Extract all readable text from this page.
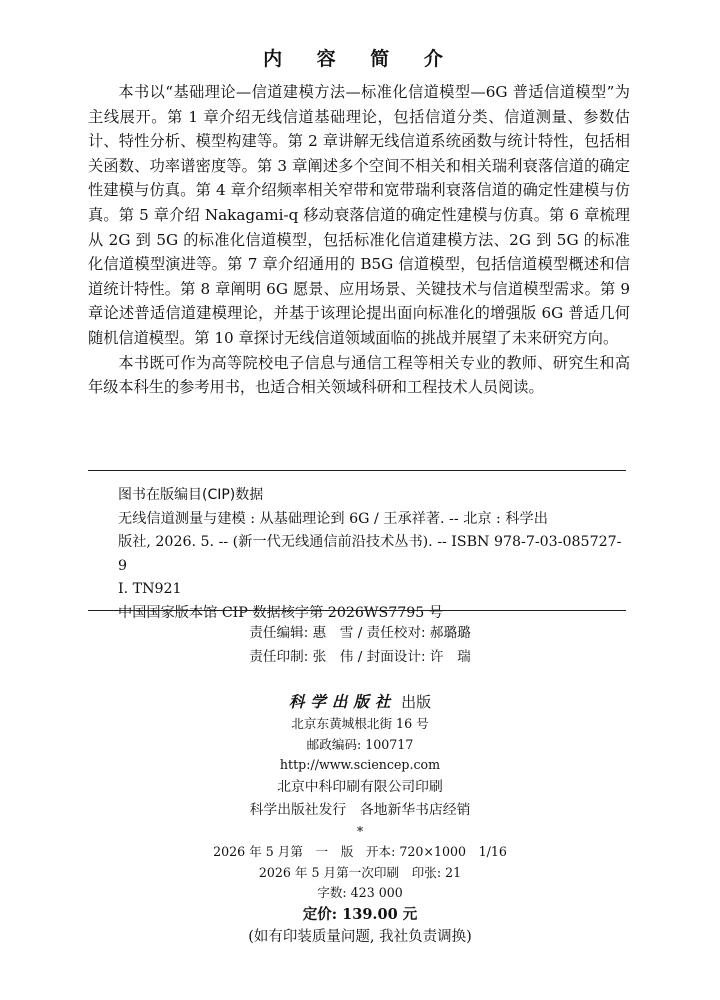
内 容 简 介

本书以“基础理论—信道建模方法—标准化信道模型—6G 普适信道模型”为主线展开。第 1 章介绍无线信道基础理论，包括信道分类、信道测量、参数估计、特性分析、模型构建等。第 2 章讲解无线信道系统函数与统计特性，包括相关函数、功率谱密度等。第 3 章阐述多个空间不相关和相关瑞利衰落信道的确定性建模与仿真。第 4 章介绍频率相关窄带和宽带瑞利衰落信道的确定性建模与仿真。第 5 章介绍 Nakagami-q 移动衰落信道的确定性建模与仿真。第 6 章梳理从 2G 到 5G 的标准化信道模型，包括标准化信道建模方法、2G 到 5G 的标准化信道模型演进等。第 7 章介绍通用的 B5G 信道模型，包括信道模型概述和信道统计特性。第 8 章阐明 6G 愿景、应用场景、关键技术与信道模型需求。第 9 章论述普适信道建模理论，并基于该理论提出面向标准化的增强版 6G 普适几何随机信道模型。第 10 章探讨无线信道领域面临的挑战并展望了未来研究方向。

本书既可作为高等院校电子信息与通信工程等相关专业的教师、研究生和高年级本科生的参考用书，也适合相关领域科研和工程技术人员阅读。

图书在版编目(CIP)数据
无线信道测量与建模 : 从基础理论到 6G / 王承祥著. -- 北京 : 科学出
版社, 2026. 5. -- (新一代无线通信前沿技术丛书). -- ISBN 978-7-03-085727-9
I. TN921
中国国家版本馆 CIP 数据核字第 2026WS7795 号
责任编辑: 惠　雪 / 责任校对: 郝璐璐
责任印制: 张　伟 / 封面设计: 许　瑞
科学出版社 出版
北京东黄城根北街 16 号
邮政编码: 100717
http://www.sciencep.com
北京中科印刷有限公司印刷
科学出版社发行　各地新华书店经销
*
2026 年 5 月第　一　版　开本: 720×1000　1/16
2026 年 5 月第一次印刷　印张: 21
字数: 423 000
定价: 139.00 元
(如有印装质量问题, 我社负责调换)
